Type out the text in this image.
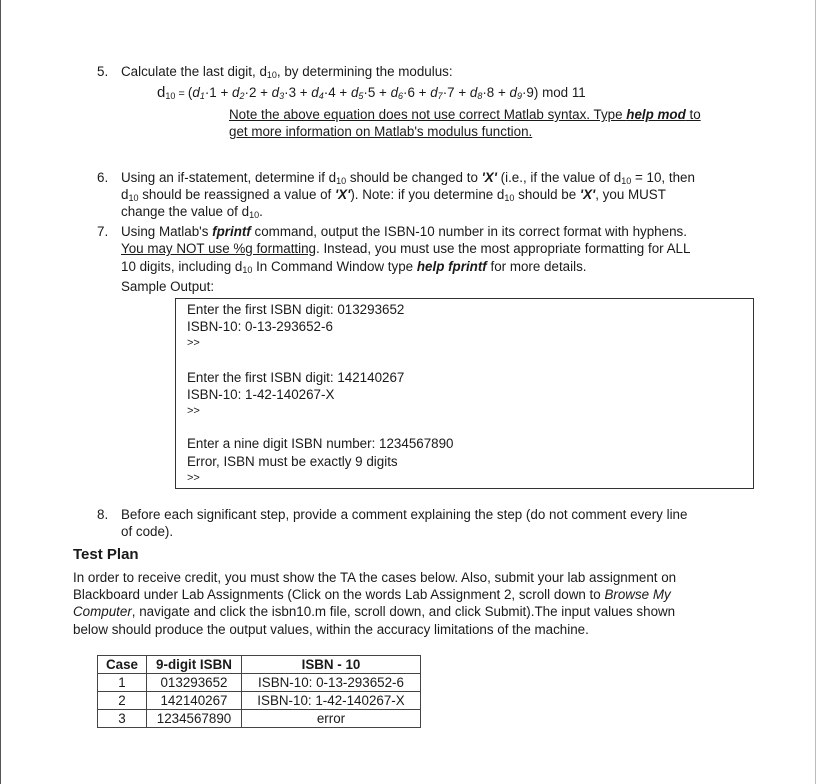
5. Calculate the last digit, $d_{10}$, by determining the modulus:
$d_{10} = (d_1\cdot 1 + d_2\cdot 2 + d_3\cdot 3 + d_4\cdot 4 + d_5\cdot 5 + d_6\cdot 6 + d_7\cdot 7 + d_8\cdot 8 + d_9\cdot 9)$ mod 11
Note the above equation does not use correct Matlab syntax. Type help mod to
get more information on Matlab's modulus function.
6. Using an if-statement, determine if $d_{10}$ should be changed to 'X' (i.e., if the value of $d_{10} = 10$, then
$d_{10}$ should be reassigned a value of 'X'). Note: if you determine $d_{10}$ should be 'X', you MUST
change the value of $d_{10}$.
7. Using Matlab's fprintf command, output the ISBN-10 number in its correct format with hyphens.
You may NOT use %g formatting. Instead, you must use the most appropriate formatting for ALL
10 digits, including $d_{10}$ In Command Window type help fprintf for more details.
Sample Output:
Enter the first ISBN digit: 013293652
ISBN-10: 0-13-293652-6
>>
Enter the first ISBN digit: 142140267
ISBN-10: 1-42-140267-X
>>
Enter a nine digit ISBN number: 1234567890
Error, ISBN must be exactly 9 digits
>>
8. Before each significant step, provide a comment explaining the step (do not comment every line
of code).
Test Plan
In order to receive credit, you must show the TA the cases below. Also, submit your lab assignment on
Blackboard under Lab Assignments (Click on the words Lab Assignment 2, scroll down to Browse My
Computer, navigate and click the isbn10.m file, scroll down, and click Submit).The input values shown
below should produce the output values, within the accuracy limitations of the machine.
Case	9-digit ISBN	ISBN - 10
1	013293652	ISBN-10: 0-13-293652-6
2	142140267	ISBN-10: 1-42-140267-X
3	1234567890	error
